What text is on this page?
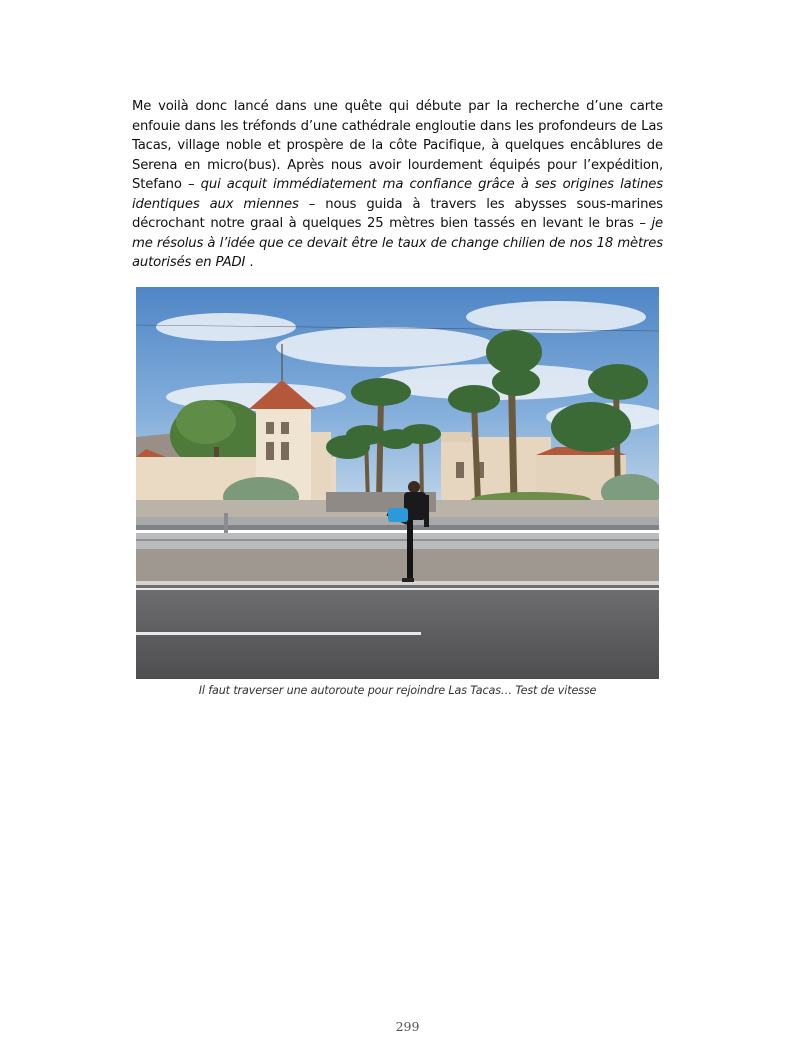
Me voilà donc lancé dans une quête qui débute par la recherche d’une carte enfouie dans les tréfonds d’une cathédrale engloutie dans les profondeurs de Las Tacas, village noble et prospère de la côte Pacifique, à quelques encâblures de Serena en micro(bus). Après nous avoir lourdement équipés pour l’expédition, Stefano – qui acquit immédiatement ma confiance grâce à ses origines latines identiques aux miennes – nous guida à travers les abysses sous-marines décrochant notre graal à quelques 25 mètres bien tassés en levant le bras – je me résolus à l’idée que ce devait être le taux de change chilien de nos 18 mètres autorisés en PADI .

Il faut traverser une autoroute pour rejoindre Las Tacas… Test de vitesse
299
